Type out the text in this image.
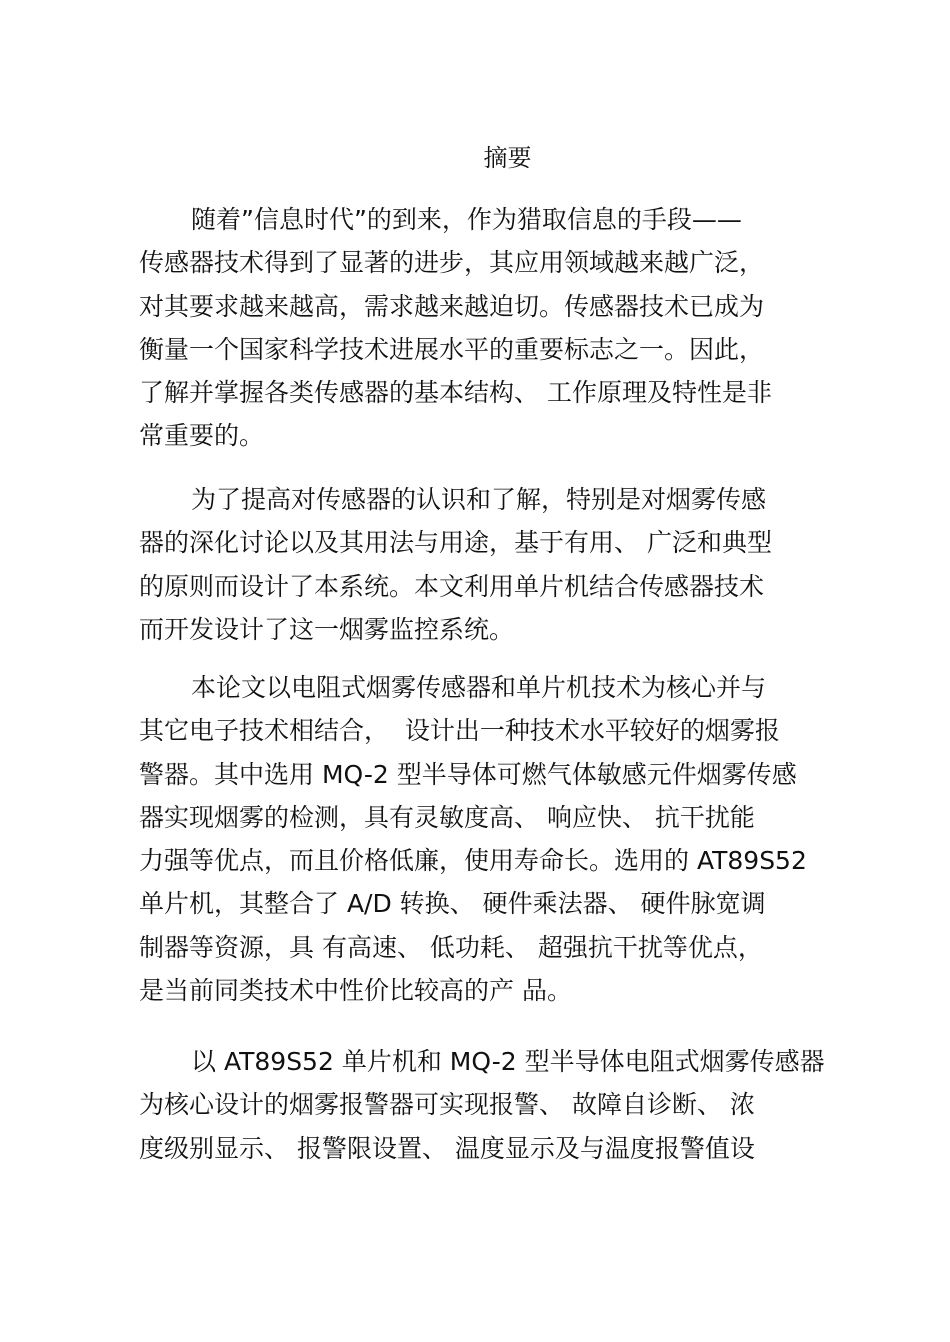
摘要
随着”信息时代”的到来，作为猎取信息的手段——
传感器技术得到了显著的进步，其应用领域越来越广泛，
对其要求越来越高，需求越来越迫切。传感器技术已成为
衡量一个国家科学技术进展水平的重要标志之一。因此，
了解并掌握各类传感器的基本结构、 工作原理及特性是非
常重要的。
为了提高对传感器的认识和了解，特别是对烟雾传感
器的深化讨论以及其用法与用途，基于有用、 广泛和典型
的原则而设计了本系统。本文利用单片机结合传感器技术
而开发设计了这一烟雾监控系统。
本论文以电阻式烟雾传感器和单片机技术为核心并与
其它电子技术相结合，  设计出一种技术水平较好的烟雾报
警器。其中选用 MQ-2 型半导体可燃气体敏感元件烟雾传感
器实现烟雾的检测，具有灵敏度高、 响应快、 抗干扰能
力强等优点，而且价格低廉，使用寿命长。选用的 AT89S52
单片机，其整合了 A/D 转换、 硬件乘法器、 硬件脉宽调
制器等资源，具 有高速、 低功耗、 超强抗干扰等优点，
是当前同类技术中性价比较高的产 品。
以 AT89S52 单片机和 MQ-2 型半导体电阻式烟雾传感器
为核心设计的烟雾报警器可实现报警、 故障自诊断、 浓
度级别显示、 报警限设置、 温度显示及与温度报警值设
